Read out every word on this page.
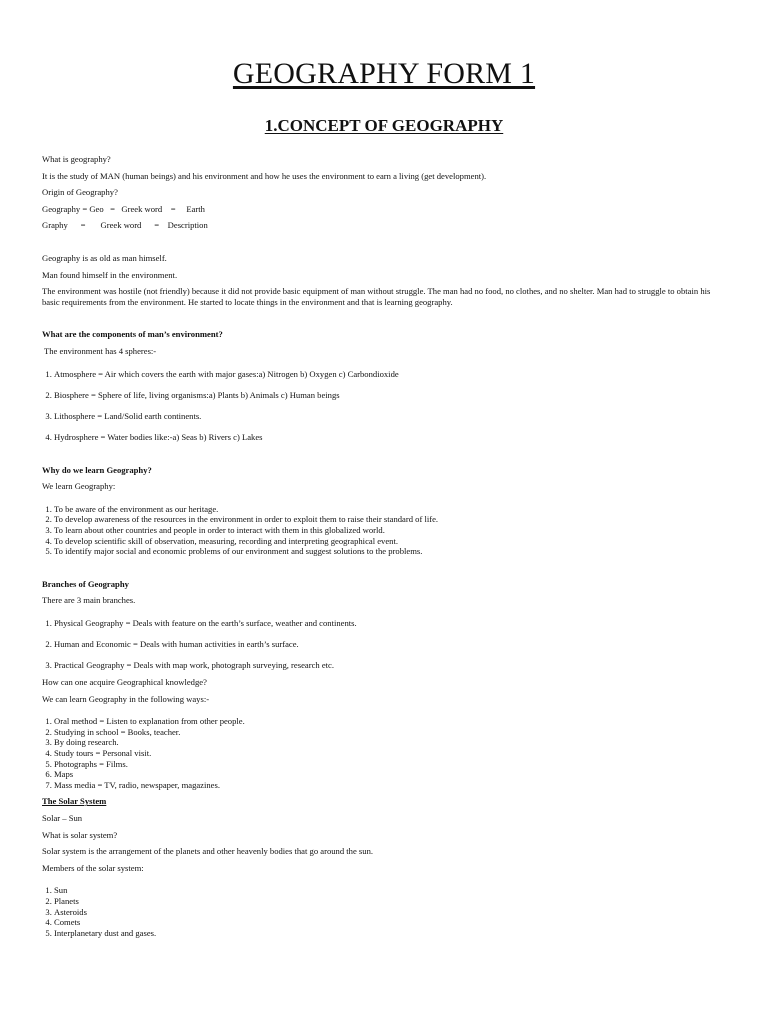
GEOGRAPHY FORM 1
1.CONCEPT OF GEOGRAPHY

What is geography?

It is the study of MAN (human beings) and his environment and how he uses the environment to earn a living (get development).

Origin of Geography?

Geography = Geo   =   Greek word    =     Earth

Graphy      =       Greek word      =    Description

Geography is as old as man himself.

Man found himself in the environment.

The environment was hostile (not friendly) because it did not provide basic equipment of man without struggle. The man had no food, no clothes, and no shelter. Man had to struggle to obtain his basic requirements from the environment. He started to locate things in the environment and that is learning geography.

What are the components of man’s environment?

The environment has 4 spheres:-

1. Atmosphere = Air which covers the earth with major gases:a) Nitrogen b) Oxygen c) Carbondioxide
2. Biosphere = Sphere of life, living organisms:a) Plants b) Animals c) Human beings
3. Lithosphere = Land/Solid earth continents.
4. Hydrosphere = Water bodies like:-a) Seas b) Rivers c) Lakes

Why do we learn Geography?

We learn Geography:

1. To be aware of the environment as our heritage.
2. To develop awareness of the resources in the environment in order to exploit them to raise their standard of life.
3. To learn about other countries and people in order to interact with them in this globalized world.
4. To develop scientific skill of observation, measuring, recording and interpreting geographical event.
5. To identify major social and economic problems of our environment and suggest solutions to the problems.

Branches of Geography

There are 3 main branches.

1. Physical Geography = Deals with feature on the earth’s surface, weather and continents.
2. Human and Economic = Deals with human activities in earth’s surface.
3. Practical Geography = Deals with map work, photograph surveying, research etc.

How can one acquire Geographical knowledge?

We can learn Geography in the following ways:-

1. Oral method = Listen to explanation from other people.
2. Studying in school = Books, teacher.
3. By doing research.
4. Study tours = Personal visit.
5. Photographs = Films.
6. Maps
7. Mass media = TV, radio, newspaper, magazines.

The Solar System

Solar – Sun

What is solar system?

Solar system is the arrangement of the planets and other heavenly bodies that go around the sun.

Members of the solar system:

1. Sun
2. Planets
3. Asteroids
4. Comets
5. Interplanetary dust and gases.
